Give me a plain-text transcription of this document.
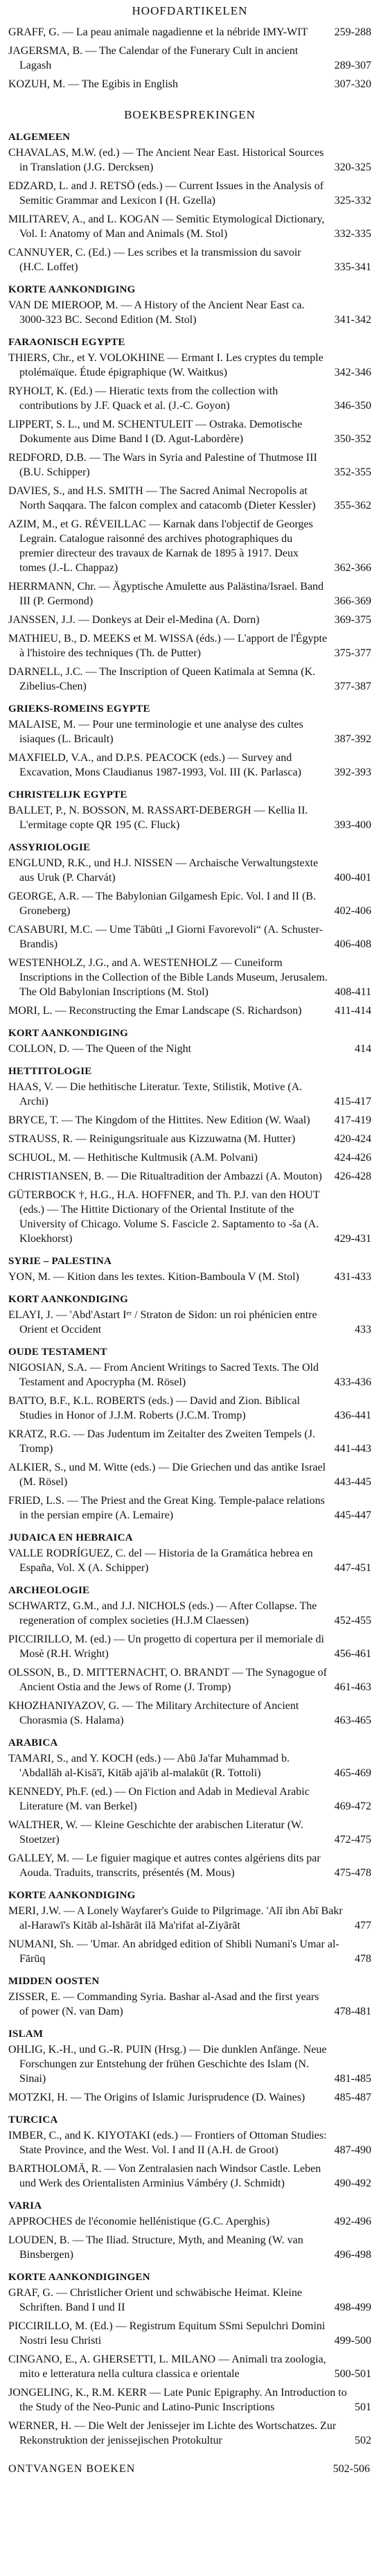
HOOFDARTIKELEN
GRAFF, G. — La peau animale nagadienne et la nébride IMY-WIT	259-288
JAGERSMA, B. — The Calendar of the Funerary Cult in ancient Lagash	289-307
KOZUH, M. — The Egibis in English	307-320
BOEKBESPREKINGEN
ALGEMEEN
CHAVALAS, M.W. (ed.) — The Ancient Near East. Historical Sources in Translation (J.G. Dercksen)	320-325
EDZARD, L. and J. RETSÖ (eds.) — Current Issues in the Analysis of Semitic Grammar and Lexicon I (H. Gzella)	325-332
MILITAREV, A., and L. KOGAN — Semitic Etymological Dictionary, Vol. I: Anatomy of Man and Animals (M. Stol)	332-335
CANNUYER, C. (Ed.) — Les scribes et la transmission du savoir (H.C. Loffet)	335-341
KORTE AANKONDIGING
VAN DE MIEROOP, M. — A History of the Ancient Near East ca. 3000-323 BC. Second Edition (M. Stol)	341-342
FARAONISCH EGYPTE
THIERS, Chr., et Y. VOLOKHINE — Ermant I. Les cryptes du temple ptolémaïque. Étude épigraphique (W. Waitkus)	342-346
RYHOLT, K. (Ed.) — Hieratic texts from the collection with contributions by J.F. Quack et al. (J.-C. Goyon)	346-350
LIPPERT, S. L., und M. SCHENTULEIT — Ostraka. Demotische Dokumente aus Dime Band I (D. Agut-Labordère)	350-352
REDFORD, D.B. — The Wars in Syria and Palestine of Thutmose III (B.U. Schipper)	352-355
DAVIES, S., and H.S. SMITH — The Sacred Animal Necropolis at North Saqqara. The falcon complex and catacomb (Dieter Kessler)	355-362
AZIM, M., et G. RÉVEILLAC — Karnak dans l'objectif de Georges Legrain. Catalogue raisonné des archives photographiques du premier directeur des travaux de Karnak de 1895 à 1917. Deux tomes (J.-L. Chappaz)	362-366
HERRMANN, Chr. — Ägyptische Amulette aus Palästina/Israel. Band III (P. Germond)	366-369
JANSSEN, J.J. — Donkeys at Deir el-Medina (A. Dorn)	369-375
MATHIEU, B., D. MEEKS et M. WISSA (éds.) — L'apport de l'Égypte à l'histoire des techniques (Th. de Putter)	375-377
DARNELL, J.C. — The Inscription of Queen Katimala at Semna (K. Zibelius-Chen)	377-387
GRIEKS-ROMEINS EGYPTE
MALAISE, M. — Pour une terminologie et une analyse des cultes isiaques (L. Bricault)	387-392
MAXFIELD, V.A., and D.P.S. PEACOCK (eds.) — Survey and Excavation, Mons Claudianus 1987-1993, Vol. III (K. Parlasca)	392-393
CHRISTELIJK EGYPTE
BALLET, P., N. BOSSON, M. RASSART-DEBERGH — Kellia II. L'ermitage copte QR 195 (C. Fluck)	393-400
ASSYRIOLOGIE
ENGLUND, R.K., und H.J. NISSEN — Archaische Verwaltungstexte aus Uruk (P. Charvát)	400-401
GEORGE, A.R. — The Babylonian Gilgamesh Epic. Vol. I and II (B. Groneberg)	402-406
CASABURI, M.C. — Ume Tābūti „I Giorni Favorevoli“ (A. Schuster-Brandis)	406-408
WESTENHOLZ, J.G., and A. WESTENHOLZ — Cuneiform Inscriptions in the Collection of the Bible Lands Museum, Jerusalem. The Old Babylonian Inscriptions (M. Stol)	408-411
MORI, L. — Reconstructing the Emar Landscape (S. Richardson)	411-414
KORT AANKONDIGING
COLLON, D. — The Queen of the Night	414
HETTITOLOGIE
HAAS, V. — Die hethitische Literatur. Texte, Stilistik, Motive (A. Archi)	415-417
BRYCE, T. — The Kingdom of the Hittites. New Edition (W. Waal)	417-419
STRAUSS, R. — Reinigungsrituale aus Kizzuwatna (M. Hutter)	420-424
SCHUOL, M. — Hethitische Kultmusik (A.M. Polvani)	424-426
CHRISTIANSEN, B. — Die Ritualtradition der Ambazzi (A. Mouton)	426-428
GÜTERBOCK †, H.G., H.A. HOFFNER, and Th. P.J. van den HOUT (eds.) — The Hittite Dictionary of the Oriental Institute of the University of Chicago. Volume S. Fascicle 2. Saptamento to -ša (A. Kloekhorst)	429-431
SYRIE – PALESTINA
YON, M. — Kition dans les textes. Kition-Bamboula V (M. Stol)	431-433
KORT AANKONDIGING
ELAYI, J. — 'Abd'Astart Iᵉʳ / Straton de Sidon: un roi phénicien entre Orient et Occident	433
OUDE TESTAMENT
NIGOSIAN, S.A. — From Ancient Writings to Sacred Texts. The Old Testament and Apocrypha (M. Rösel)	433-436
BATTO, B.F., K.L. ROBERTS (eds.) — David and Zion. Biblical Studies in Honor of J.J.M. Roberts (J.C.M. Tromp)	436-441
KRATZ, R.G. — Das Judentum im Zeitalter des Zweiten Tempels (J. Tromp)	441-443
ALKIER, S., und M. Witte (eds.) — Die Griechen und das antike Israel (M. Rösel)	443-445
FRIED, L.S. — The Priest and the Great King. Temple-palace relations in the persian empire (A. Lemaire)	445-447
JUDAICA EN HEBRAICA
VALLE RODRÍGUEZ, C. del — Historia de la Gramática hebrea en España, Vol. X (A. Schipper)	447-451
ARCHEOLOGIE
SCHWARTZ, G.M., and J.J. NICHOLS (eds.) — After Collapse. The regeneration of complex societies (H.J.M Claessen)	452-455
PICCIRILLO, M. (ed.) — Un progetto di copertura per il memoriale di Mosè (R.H. Wright)	456-461
OLSSON, B., D. MITTERNACHT, O. BRANDT — The Synagogue of Ancient Ostia and the Jews of Rome (J. Tromp)	461-463
KHOZHANIYAZOV, G. — The Military Architecture of Ancient Chorasmia (S. Halama)	463-465
ARABICA
TAMARI, S., and Y. KOCH (eds.) — Abū Ja'far Muhammad b. 'Abdallāh al-Kisā'ī, Kitāb ajā'ib al-malakūt (R. Tottoli)	465-469
KENNEDY, Ph.F. (ed.) — On Fiction and Adab in Medieval Arabic Literature (M. van Berkel)	469-472
WALTHER, W. — Kleine Geschichte der arabischen Literatur (W. Stoetzer)	472-475
GALLEY, M. — Le figuier magique et autres contes algériens dits par Aouda. Traduits, transcrits, présentés (M. Mous)	475-478
KORTE AANKONDIGING
MERI, J.W. — A Lonely Wayfarer's Guide to Pilgrimage. 'Alī ibn Abī Bakr al-Harawī's Kitāb al-Ishārāt ilā Ma'rifat al-Ziyārāt	477
NUMANI, Sh. — 'Umar. An abridged edition of Shibli Numani's Umar al-Fārūq	478
MIDDEN OOSTEN
ZISSER, E. — Commanding Syria. Bashar al-Asad and the first years of power (N. van Dam)	478-481
ISLAM
OHLIG, K.-H., und G.-R. PUIN (Hrsg.) — Die dunklen Anfänge. Neue Forschungen zur Entstehung der frühen Geschichte des Islam (N. Sinai)	481-485
MOTZKI, H. — The Origins of Islamic Jurisprudence (D. Waines)	485-487
TURCICA
IMBER, C., and K. KIYOTAKI (eds.) — Frontiers of Ottoman Studies: State Province, and the West. Vol. I and II (A.H. de Groot)	487-490
BARTHOLOMÄ, R. — Von Zentralasien nach Windsor Castle. Leben und Werk des Orientalisten Arminius Vámbéry (J. Schmidt)	490-492
VARIA
APPROCHES de l'économie hellénistique (G.C. Aperghis)	492-496
LOUDEN, B. — The Iliad. Structure, Myth, and Meaning (W. van Binsbergen)	496-498
KORTE AANKONDIGINGEN
GRAF, G. — Christlicher Orient und schwäbische Heimat. Kleine Schriften. Band I und II	498-499
PICCIRILLO, M. (Ed.) — Registrum Equitum SSmi Sepulchri Domini Nostri Iesu Christi	499-500
CINGANO, E., A. GHERSETTI, L. MILANO — Animali tra zoologia, mito e letteratura nella cultura classica e orientale	500-501
JONGELING, K., R.M. KERR — Late Punic Epigraphy. An Introduction to the Study of the Neo-Punic and Latino-Punic Inscriptions	501
WERNER, H. — Die Welt der Jenissejer im Lichte des Wortschatzes. Zur Rekonstruktion der jenissejischen Protokultur	502
ONTVANGEN BOEKEN	502-506
